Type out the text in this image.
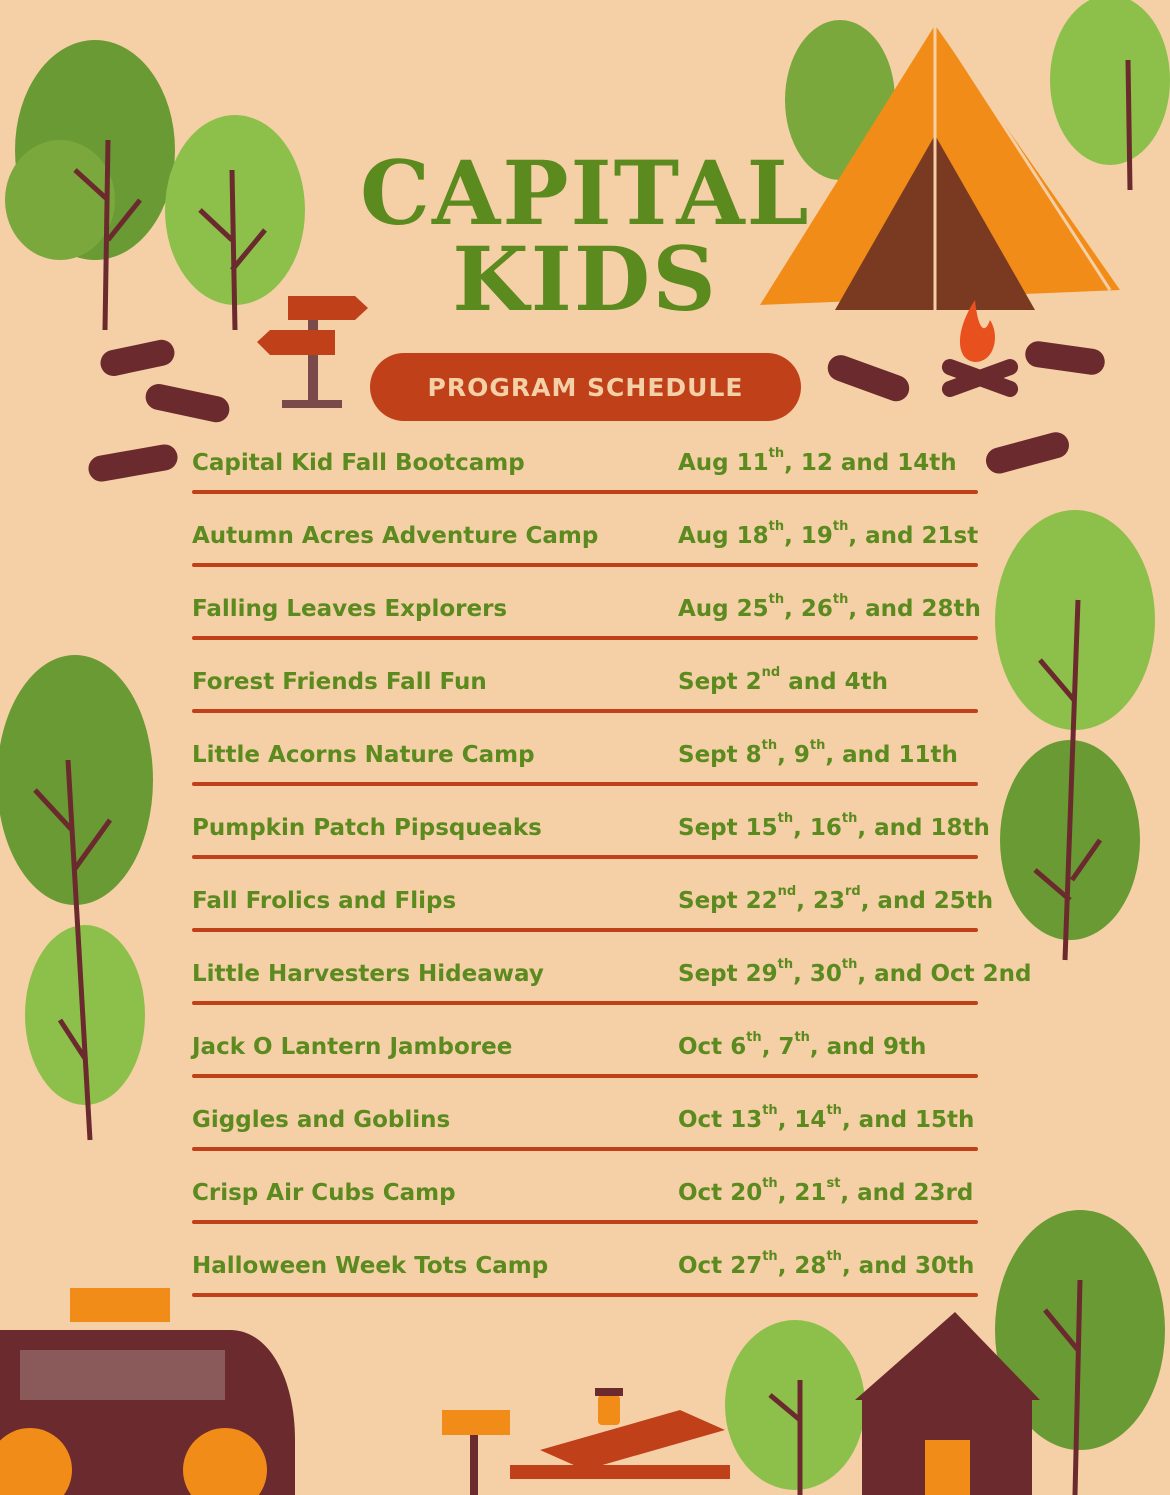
CAPITAL
KIDS
PROGRAM SCHEDULE
Capital Kid Fall Bootcamp	Aug 11th, 12 and 14th
Autumn Acres Adventure Camp	Aug 18th, 19th, and 21st
Falling Leaves Explorers	Aug 25th, 26th, and 28th
Forest Friends Fall Fun	Sept 2nd and 4th
Little Acorns Nature Camp	Sept 8th, 9th, and 11th
Pumpkin Patch Pipsqueaks	Sept 15th, 16th, and 18th
Fall Frolics and Flips	Sept 22nd, 23rd, and 25th
Little Harvesters Hideaway	Sept 29th, 30th, and Oct 2nd
Jack O Lantern Jamboree	Oct 6th, 7th, and 9th
Giggles and Goblins	Oct 13th, 14th, and 15th
Crisp Air Cubs Camp	Oct 20th, 21st, and 23rd
Halloween Week Tots Camp	Oct 27th, 28th, and 30th
